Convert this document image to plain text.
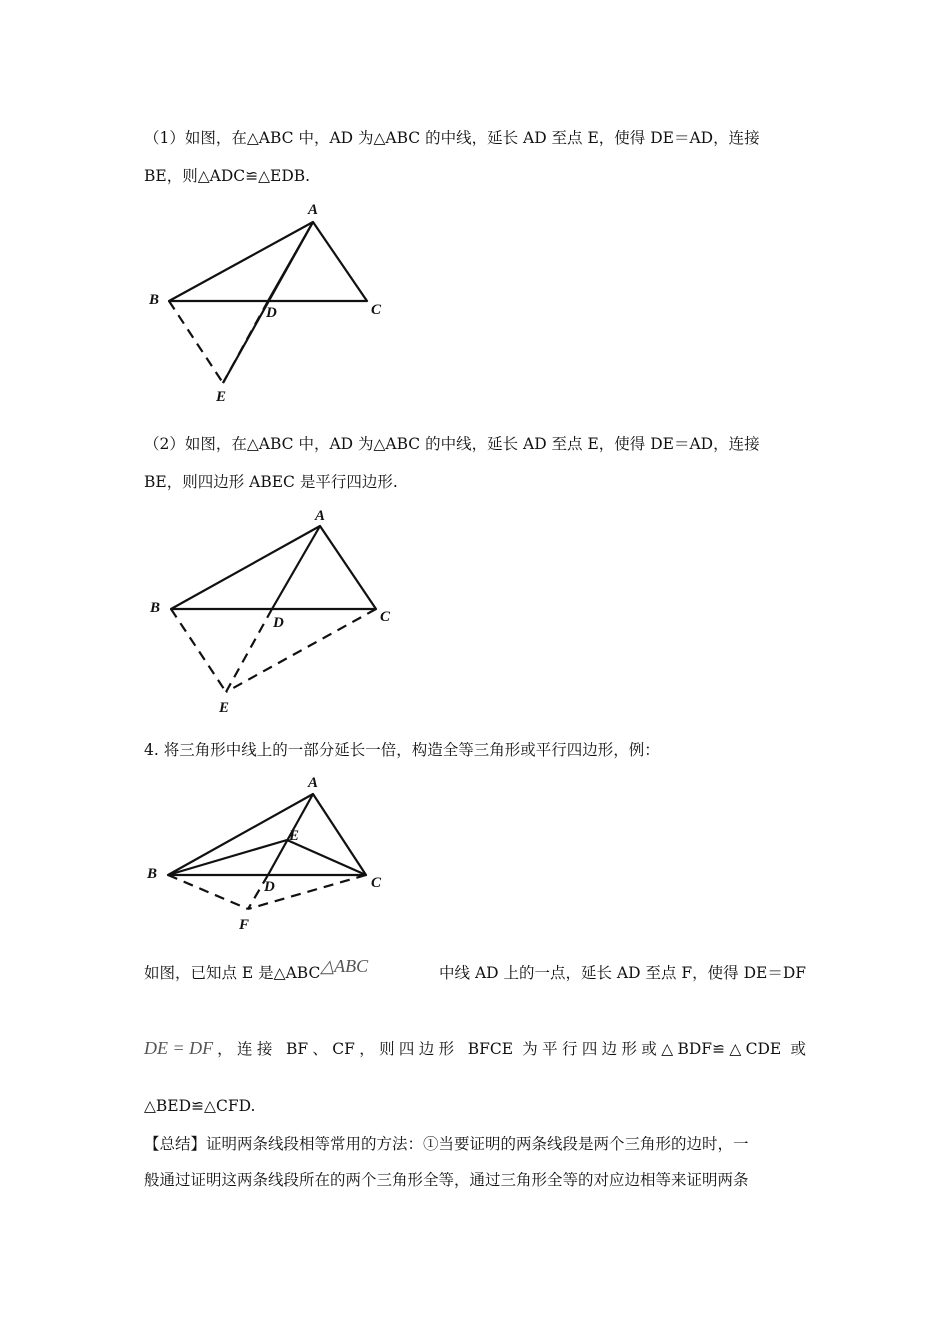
（1）如图，在△ABC 中，AD 为△ABC 的中线，延长 AD 至点 E，使得 DE＝AD，连接
BE，则△ADC≌△EDB.
A
B
C
D
E
（2）如图，在△ABC 中，AD 为△ABC 的中线，延长 AD 至点 E，使得 DE＝AD，连接
BE，则四边形 ABEC 是平行四边形.
A
B
C
D
E
4. 将三角形中线上的一部分延长一倍，构造全等三角形或平行四边形，例：
A
B
C
D
E
F
如图，已知点 E 是△ABC△ABC	中线 AD 上的一点，延长 AD 至点 F，使得 DE＝DF
DE = DF ，连接 BF、CF，则四边形 BFCE 为平行四边形或△BDF≌△CDE 或
△BED≌△CFD.
【总结】证明两条线段相等常用的方法：①当要证明的两条线段是两个三角形的边时，一
般通过证明这两条线段所在的两个三角形全等，通过三角形全等的对应边相等来证明两条
